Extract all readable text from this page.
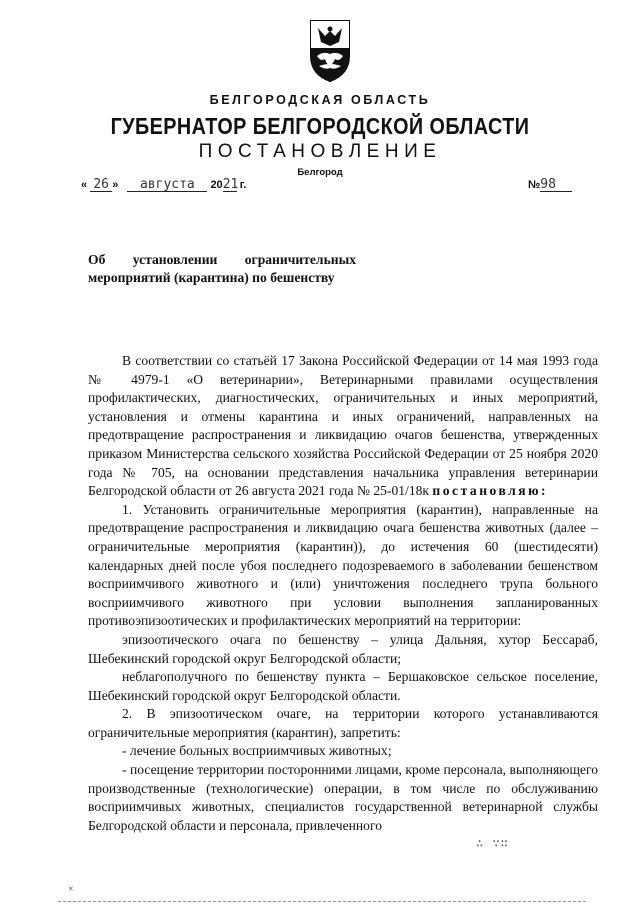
БЕЛГОРОДСКАЯ ОБЛАСТЬ
ГУБЕРНАТОР БЕЛГОРОДСКОЙ ОБЛАСТИ
ПОСТАНОВЛЕНИЕ
Белгород
« 26 » августа 2021 г.	№98
Об установлении ограничительных мероприятий (карантина) по бешенству

В соответствии со статьёй 17 Закона Российской Федерации от 14 мая 1993 года № 4979-1 «О ветеринарии», Ветеринарными правилами осуществления профилактических, диагностических, ограничительных и иных мероприятий, установления и отмены карантина и иных ограничений, направленных на предотвращение распространения и ликвидацию очагов бешенства, утвержденных приказом Министерства сельского хозяйства Российской Федерации от 25 ноября 2020 года № 705, на основании представления начальника управления ветеринарии Белгородской области от 26 августа 2021 года № 25-01/18к постановляю:

1. Установить ограничительные мероприятия (карантин), направленные на предотвращение распространения и ликвидацию очага бешенства животных (далее – ограничительные мероприятия (карантин)), до истечения 60 (шестидесяти) календарных дней после убоя последнего подозреваемого в заболевании бешенством восприимчивого животного и (или) уничтожения последнего трупа больного восприимчивого животного при условии выполнения запланированных противоэпизоотических и профилактических мероприятий на территории:

эпизоотического очага по бешенству – улица Дальняя, хутор Бессараб, Шебекинский городской округ Белгородской области;

неблагополучного по бешенству пункта – Бершаковское сельское поселение, Шебекинский городской округ Белгородской области.

2. В эпизоотическом очаге, на территории которого устанавливаются ограничительные мероприятия (карантин), запретить:

- лечение больных восприимчивых животных;

- посещение территории посторонними лицами, кроме персонала, выполняющего производственные (технологические) операции, в том числе по обслуживанию восприимчивых животных, специалистов государственной ветеринарной службы Белгородской области и персонала, привлеченного

∴ ∵∷
×
